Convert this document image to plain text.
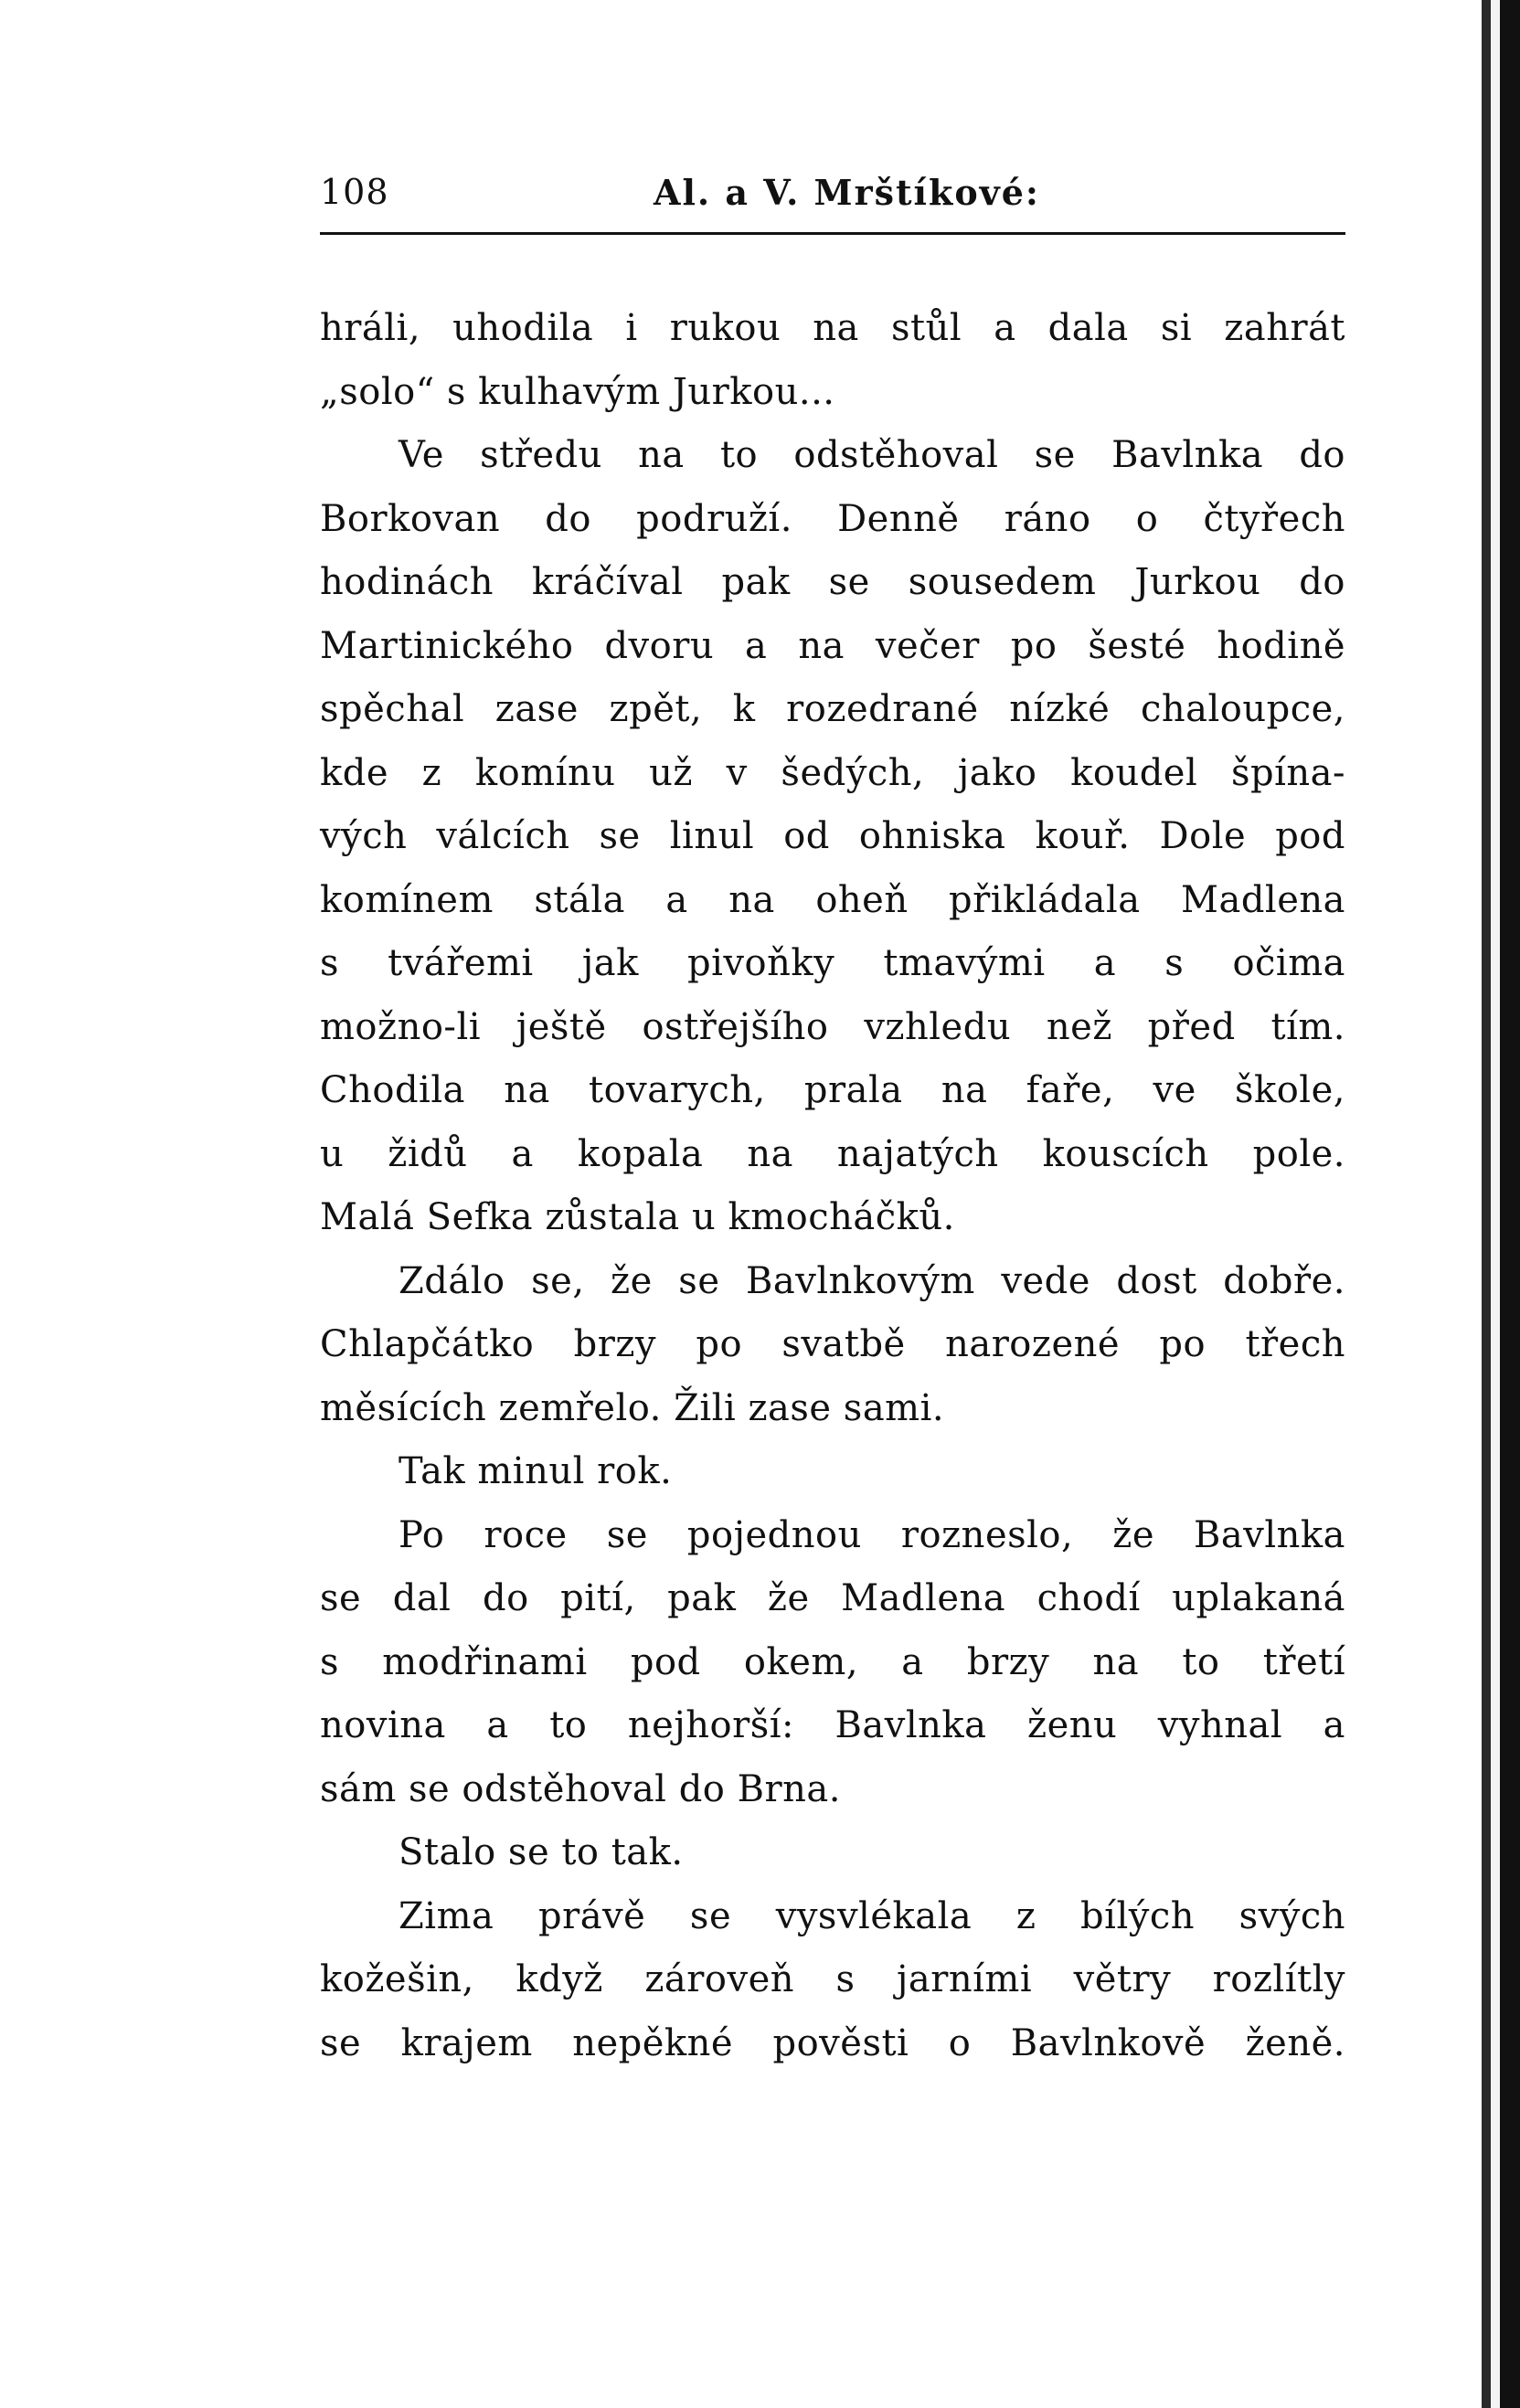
108	Al. a V. Mrštíkové:
hráli, uhodila i rukou na stůl a dala si zahrát
„solo“ s kulhavým Jurkou...
Ve středu na to odstěhoval se Bavlnka do
Borkovan do podruží. Denně ráno o čtyřech
hodinách kráčíval pak se sousedem Jurkou do
Martinického dvoru a na večer po šesté hodině
spěchal zase zpět, k rozedrané nízké chaloupce,
kde z komínu už v šedých, jako koudel špína-
vých válcích se linul od ohniska kouř. Dole pod
komínem stála a na oheň přikládala Madlena
s tvářemi jak pivoňky tmavými a s očima
možno-li ještě ostřejšího vzhledu než před tím.
Chodila na tovarych, prala na faře, ve škole,
u židů a kopala na najatých kouscích pole.
Malá Sefka zůstala u kmocháčků.
Zdálo se, že se Bavlnkovým vede dost dobře.
Chlapčátko brzy po svatbě narozené po třech
měsících zemřelo. Žili zase sami.
Tak minul rok.
Po roce se pojednou rozneslo, že Bavlnka
se dal do pití, pak že Madlena chodí uplakaná
s modřinami pod okem, a brzy na to třetí
novina a to nejhorší: Bavlnka ženu vyhnal a
sám se odstěhoval do Brna.
Stalo se to tak.
Zima právě se vysvlékala z bílých svých
kožešin, když zároveň s jarními větry rozlítly
se krajem nepěkné pověsti o Bavlnkově ženě.
